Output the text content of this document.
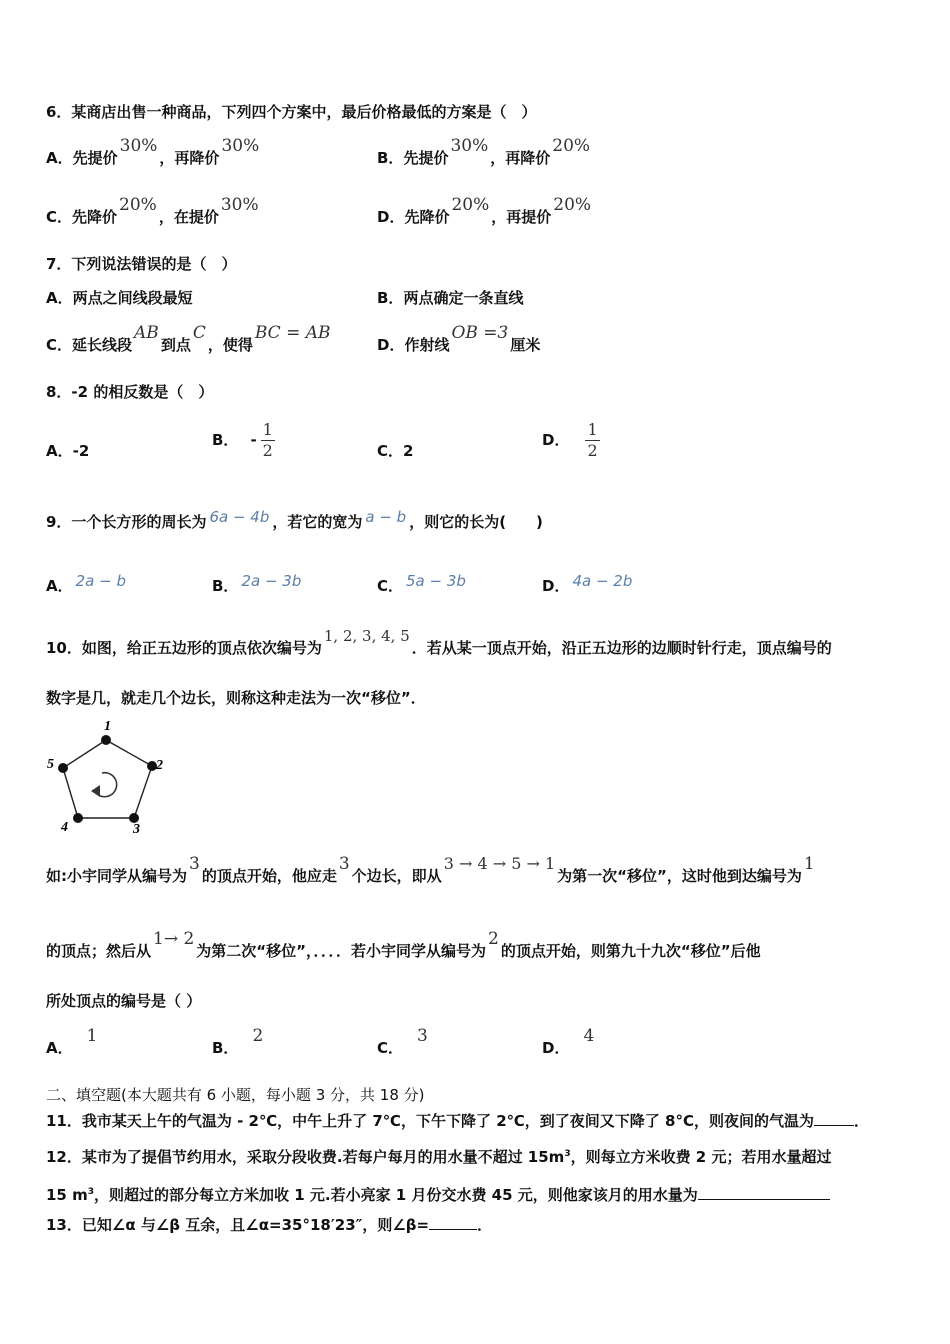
6．某商店出售一种商品，下列四个方案中，最后价格最低的方案是（　）
A．先提价30%，再降价30%
B．先提价30%，再降价20%
C．先降价20%，在提价30%
D．先降价20%，再提价20%
7．下列说法错误的是（　）
A．两点之间线段最短	B．两点确定一条直线
C．延长线段AB到点C，使得BC = AB
D．作射线OB =3厘米
8．-2 的相反数是（　）
A．-2
B． - $\frac{1}{2}$	C．2
D． $\frac{1}{2}$
9．一个长方形的周长为 6a − 4b ，若它的宽为 a − b ，则它的长为(　　)
A． 2a − b	B． 2a − 3b	C． 5a − 3b	D． 4a − 2b
10．如图，给正五边形的顶点依次编号为1, 2, 3, 4, 5．若从某一顶点开始，沿正五边形的边顺时针行走，顶点编号的
数字是几，就走几个边长，则称这种走法为一次“移位”．
1
2
3
4
5
如:小宇同学从编号为3的顶点开始，他应走3个边长，即从3 → 4 → 5 → 1为第一次“移位”，这时他到达编号为1
的顶点；然后从1→ 2为第二次“移位”，．．．．若小宇同学从编号为2的顶点开始，则第九十九次“移位”后他
所处顶点的编号是（ ）
A．1
B．2
C．3
D．4
二、填空题(本大题共有 6 小题，每小题 3 分，共 18 分)
11．我市某天上午的气温为 - 2℃，中午上升了 7℃，下午下降了 2℃，到了夜间又下降了 8°C，则夜间的气温为	．
12．某市为了提倡节约用水，采取分段收费.若每户每月的用水量不超过 $15m^3$，则每立方米收费 2 元；若用水量超过
15 $m^3$，则超过的部分每立方米加收 1 元.若小亮家 1 月份交水费 45 元，则他家该月的用水量为
13．已知∠α 与∠β 互余，且∠α=35°18′23″，则∠β=	．
